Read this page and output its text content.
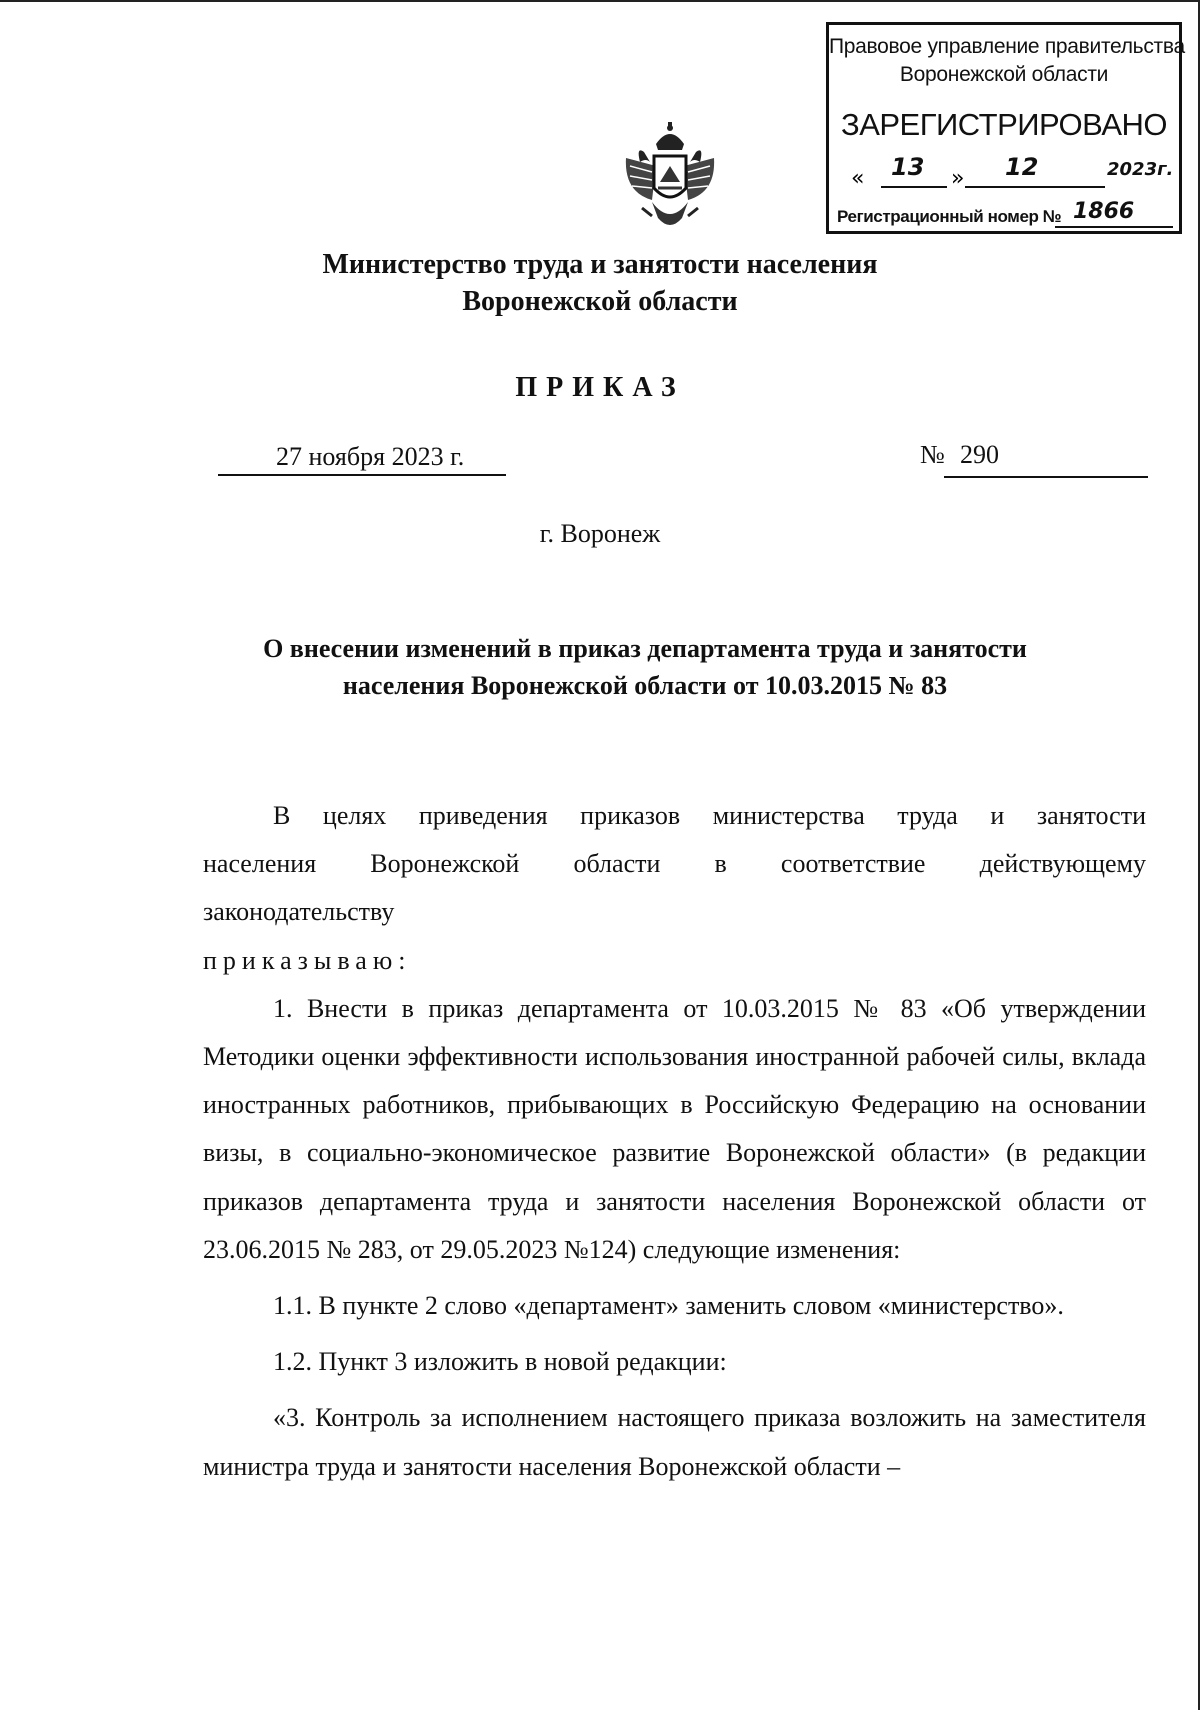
Правовое управление правительства
Воронежской области
ЗАРЕГИСТРИРОВАНО
«	»
13	12	2023г.
Регистрационный номер № 1866
Министерство труда и занятости населения
Воронежской области
ПРИКАЗ
27 ноября 2023 г.	№ 290
г. Воронеж
О внесении изменений в приказ департамента труда и занятости
населения Воронежской области от 10.03.2015 № 83

В целях приведения приказов министерства труда и занятости населения Воронежской области в соответствие действующему законодательству

приказываю:

1. Внести в приказ департамента от 10.03.2015 № 83 «Об утверждении Методики оценки эффективности использования иностранной рабочей силы, вклада иностранных работников, прибывающих в Российскую Федерацию на основании визы, в социально-экономическое развитие Воронежской области» (в редакции приказов департамента труда и занятости населения Воронежской области от 23.06.2015 № 283, от 29.05.2023 №124) следующие изменения:

1.1. В пункте 2 слово «департамент» заменить словом «министерство».

1.2. Пункт 3 изложить в новой редакции:

«3. Контроль за исполнением настоящего приказа возложить на заместителя министра труда и занятости населения Воронежской области –
